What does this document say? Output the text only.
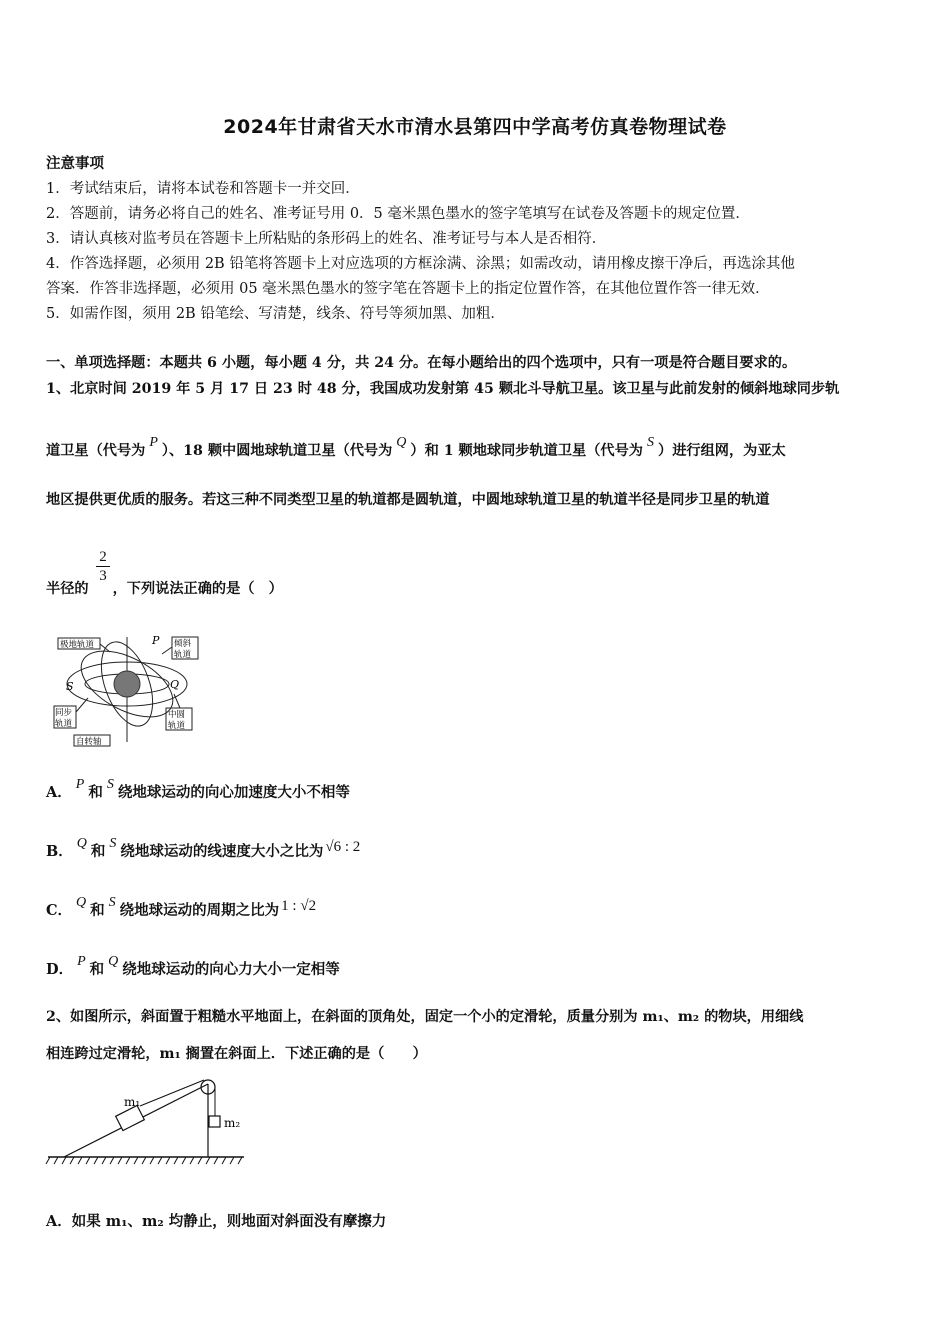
2024年甘肃省天水市清水县第四中学高考仿真卷物理试卷
注意事项
1．考试结束后，请将本试卷和答题卡一并交回．
2．答题前，请务必将自己的姓名、准考证号用 0．5 毫米黑色墨水的签字笔填写在试卷及答题卡的规定位置．
3．请认真核对监考员在答题卡上所粘贴的条形码上的姓名、准考证号与本人是否相符．
4．作答选择题，必须用 2B 铅笔将答题卡上对应选项的方框涂满、涂黑；如需改动，请用橡皮擦干净后，再选涂其他
答案．作答非选择题，必须用 05 毫米黑色墨水的签字笔在答题卡上的指定位置作答，在其他位置作答一律无效．
5．如需作图，须用 2B 铅笔绘、写清楚，线条、符号等须加黑、加粗．
一、单项选择题：本题共 6 小题，每小题 4 分，共 24 分。在每小题给出的四个选项中，只有一项是符合题目要求的。
1、北京时间 2019 年 5 月 17 日 23 时 48 分，我国成功发射第 45 颗北斗导航卫星。该卫星与此前发射的倾斜地球同步轨
道卫星（代号为P）、18 颗中圆地球轨道卫星（代号为Q）和 1 颗地球同步轨道卫星（代号为S）进行组网，为亚太
地区提供更优质的服务。若这三种不同类型卫星的轨道都是圆轨道，中圆地球轨道卫星的轨道半径是同步卫星的轨道
半径的 ，下列说法正确的是（　）
$\frac{2}{3}$
极地轨道	P 倾斜
轨道
S	Q
同步
轨道
中圆
轨道
自转轴
A． P 和 S 绕地球运动的向心加速度大小不相等
B． Q 和 S 绕地球运动的线速度大小之比为 √6 : 2
C． Q 和 S 绕地球运动的周期之比为 1 : √2
D． P 和 Q 绕地球运动的向心力大小一定相等
2、如图所示，斜面置于粗糙水平地面上，在斜面的顶角处，固定一个小的定滑轮，质量分别为 m₁、m₂ 的物块，用细线
相连跨过定滑轮，m₁ 搁置在斜面上．下述正确的是（　　）
m₁
m₂
A．如果 m₁、m₂ 均静止，则地面对斜面没有摩擦力
